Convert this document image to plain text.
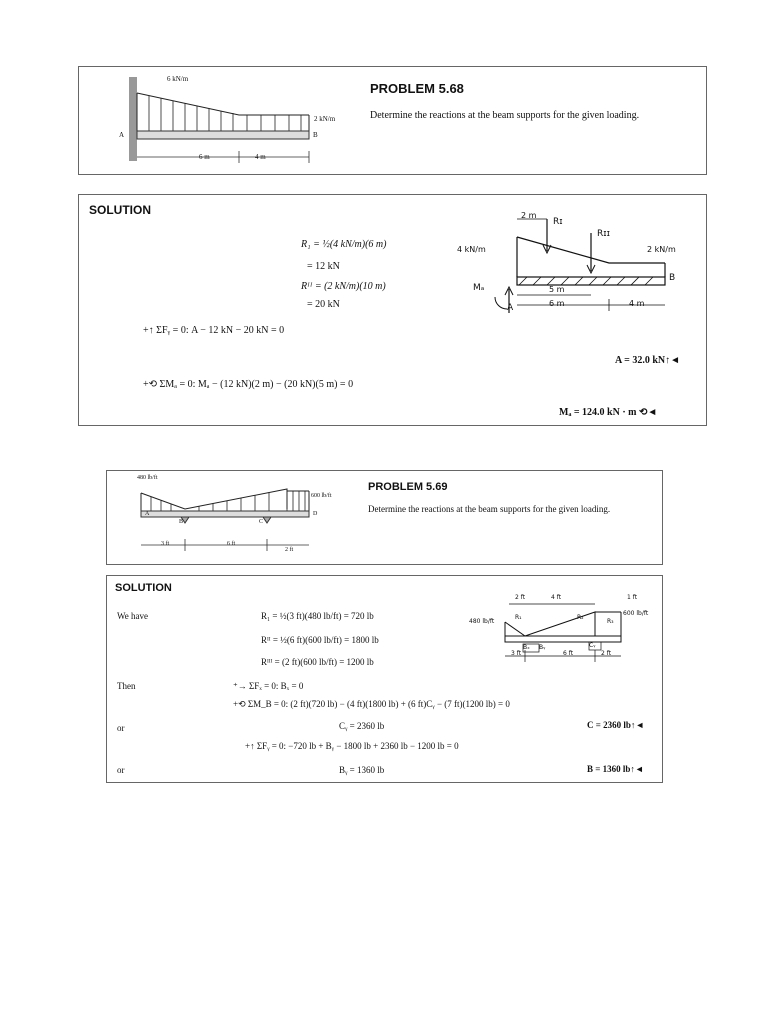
6 kN/m
2 kN/m
A	B
6 m	4 m
PROBLEM 5.68
Determine the reactions at the beam supports for the given loading.
SOLUTION
R₁ = ½(4 kN/m)(6 m)
= 12 kN
Rᴵᴵ = (2 kN/m)(10 m)
= 20 kN
+↑ ΣFᵧ = 0: A − 12 kN − 20 kN = 0
A = 32.0 kN↑◄
+⟲ ΣMₐ = 0: Mₐ − (12 kN)(2 m) − (20 kN)(5 m) = 0
Mₐ = 124.0 kN · m ⟲◄
2 m
Rɪ
Rɪɪ
4 kN/m	2 kN/m
Mₐ
A
B
5 m
6 m	4 m
480 lb/ft
600 lb/ft
A
B	C
D
3 ft	6 ft
2 ft
PROBLEM 5.69
Determine the reactions at the beam supports for the given loading.
SOLUTION
We have	R₁ = ½(3 ft)(480 lb/ft) = 720 lb
Rᴵᴵ = ½(6 ft)(600 lb/ft) = 1800 lb
Rᴵᴵᴵ = (2 ft)(600 lb/ft) = 1200 lb
Then	⁺→ ΣFₓ = 0: Bₓ = 0
+⟲ ΣM_B = 0: (2 ft)(720 lb) − (4 ft)(1800 lb) + (6 ft)Cᵧ − (7 ft)(1200 lb) = 0
or	Cᵧ = 2360 lb	C = 2360 lb↑◄
+↑ ΣFᵧ = 0: −720 lb + Bᵧ − 1800 lb + 2360 lb − 1200 lb = 0
or	Bᵧ = 1360 lb	B = 1360 lb↑◄
2 ft	4 ft	1 ft
R₁	R₂
R₃
480 lb/ft
600 lb/ft
Bₓ Bᵧ	Cᵧ
3 ft	6 ft	2 ft
